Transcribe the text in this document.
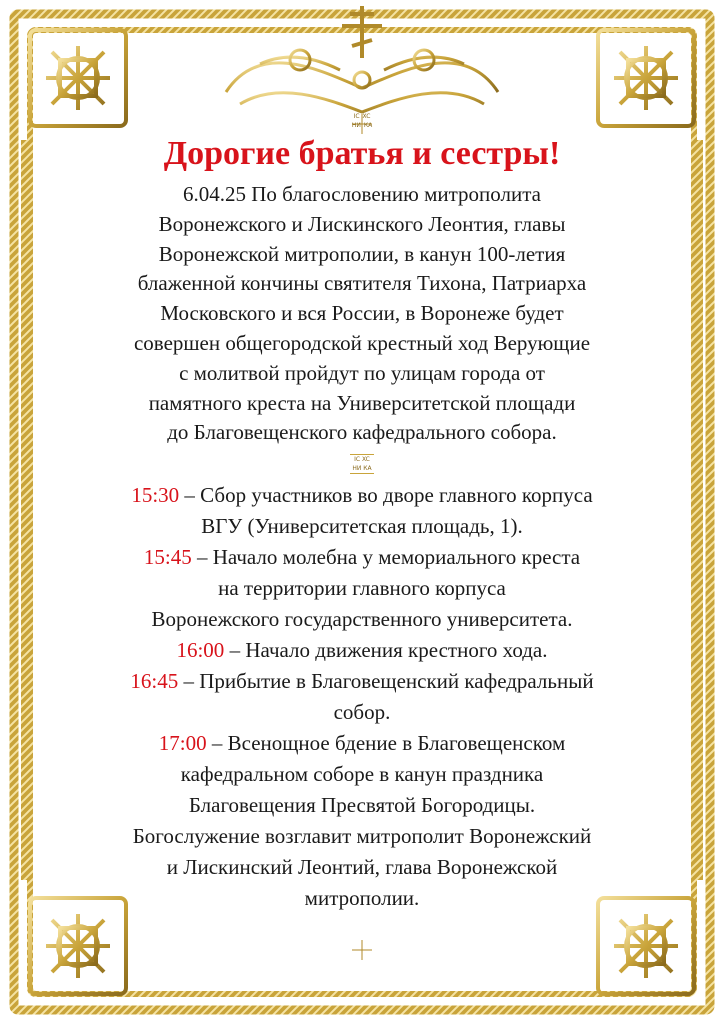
IC XC
НИ КА
Дорогие братья и сестры!
6.04.25 По благословению митрополита
Воронежского и Лискинского Леонтия, главы
Воронежской митрополии, в канун 100-летия
блаженной кончины святителя Тихона, Патриарха
Московского и вся России, в Воронеже будет
совершен общегородской крестный ход Верующие
с молитвой пройдут по улицам города от
памятного креста на Университетской площади
до Благовещенского кафедрального собора.
IC XC
НИ КА
15:30 – Сбор участников во дворе главного корпуса
ВГУ (Университетская площадь, 1).
15:45 – Начало молебна у мемориального креста
на территории главного корпуса
Воронежского государственного университета.
16:00 – Начало движения крестного хода.
16:45 – Прибытие в Благовещенский кафедральный
собор.
17:00 – Всенощное бдение в Благовещенском
кафедральном соборе в канун праздника
Благовещения Пресвятой Богородицы.
Богослужение возглавит митрополит Воронежский
и Лискинский Леонтий, глава Воронежской
митрополии.
